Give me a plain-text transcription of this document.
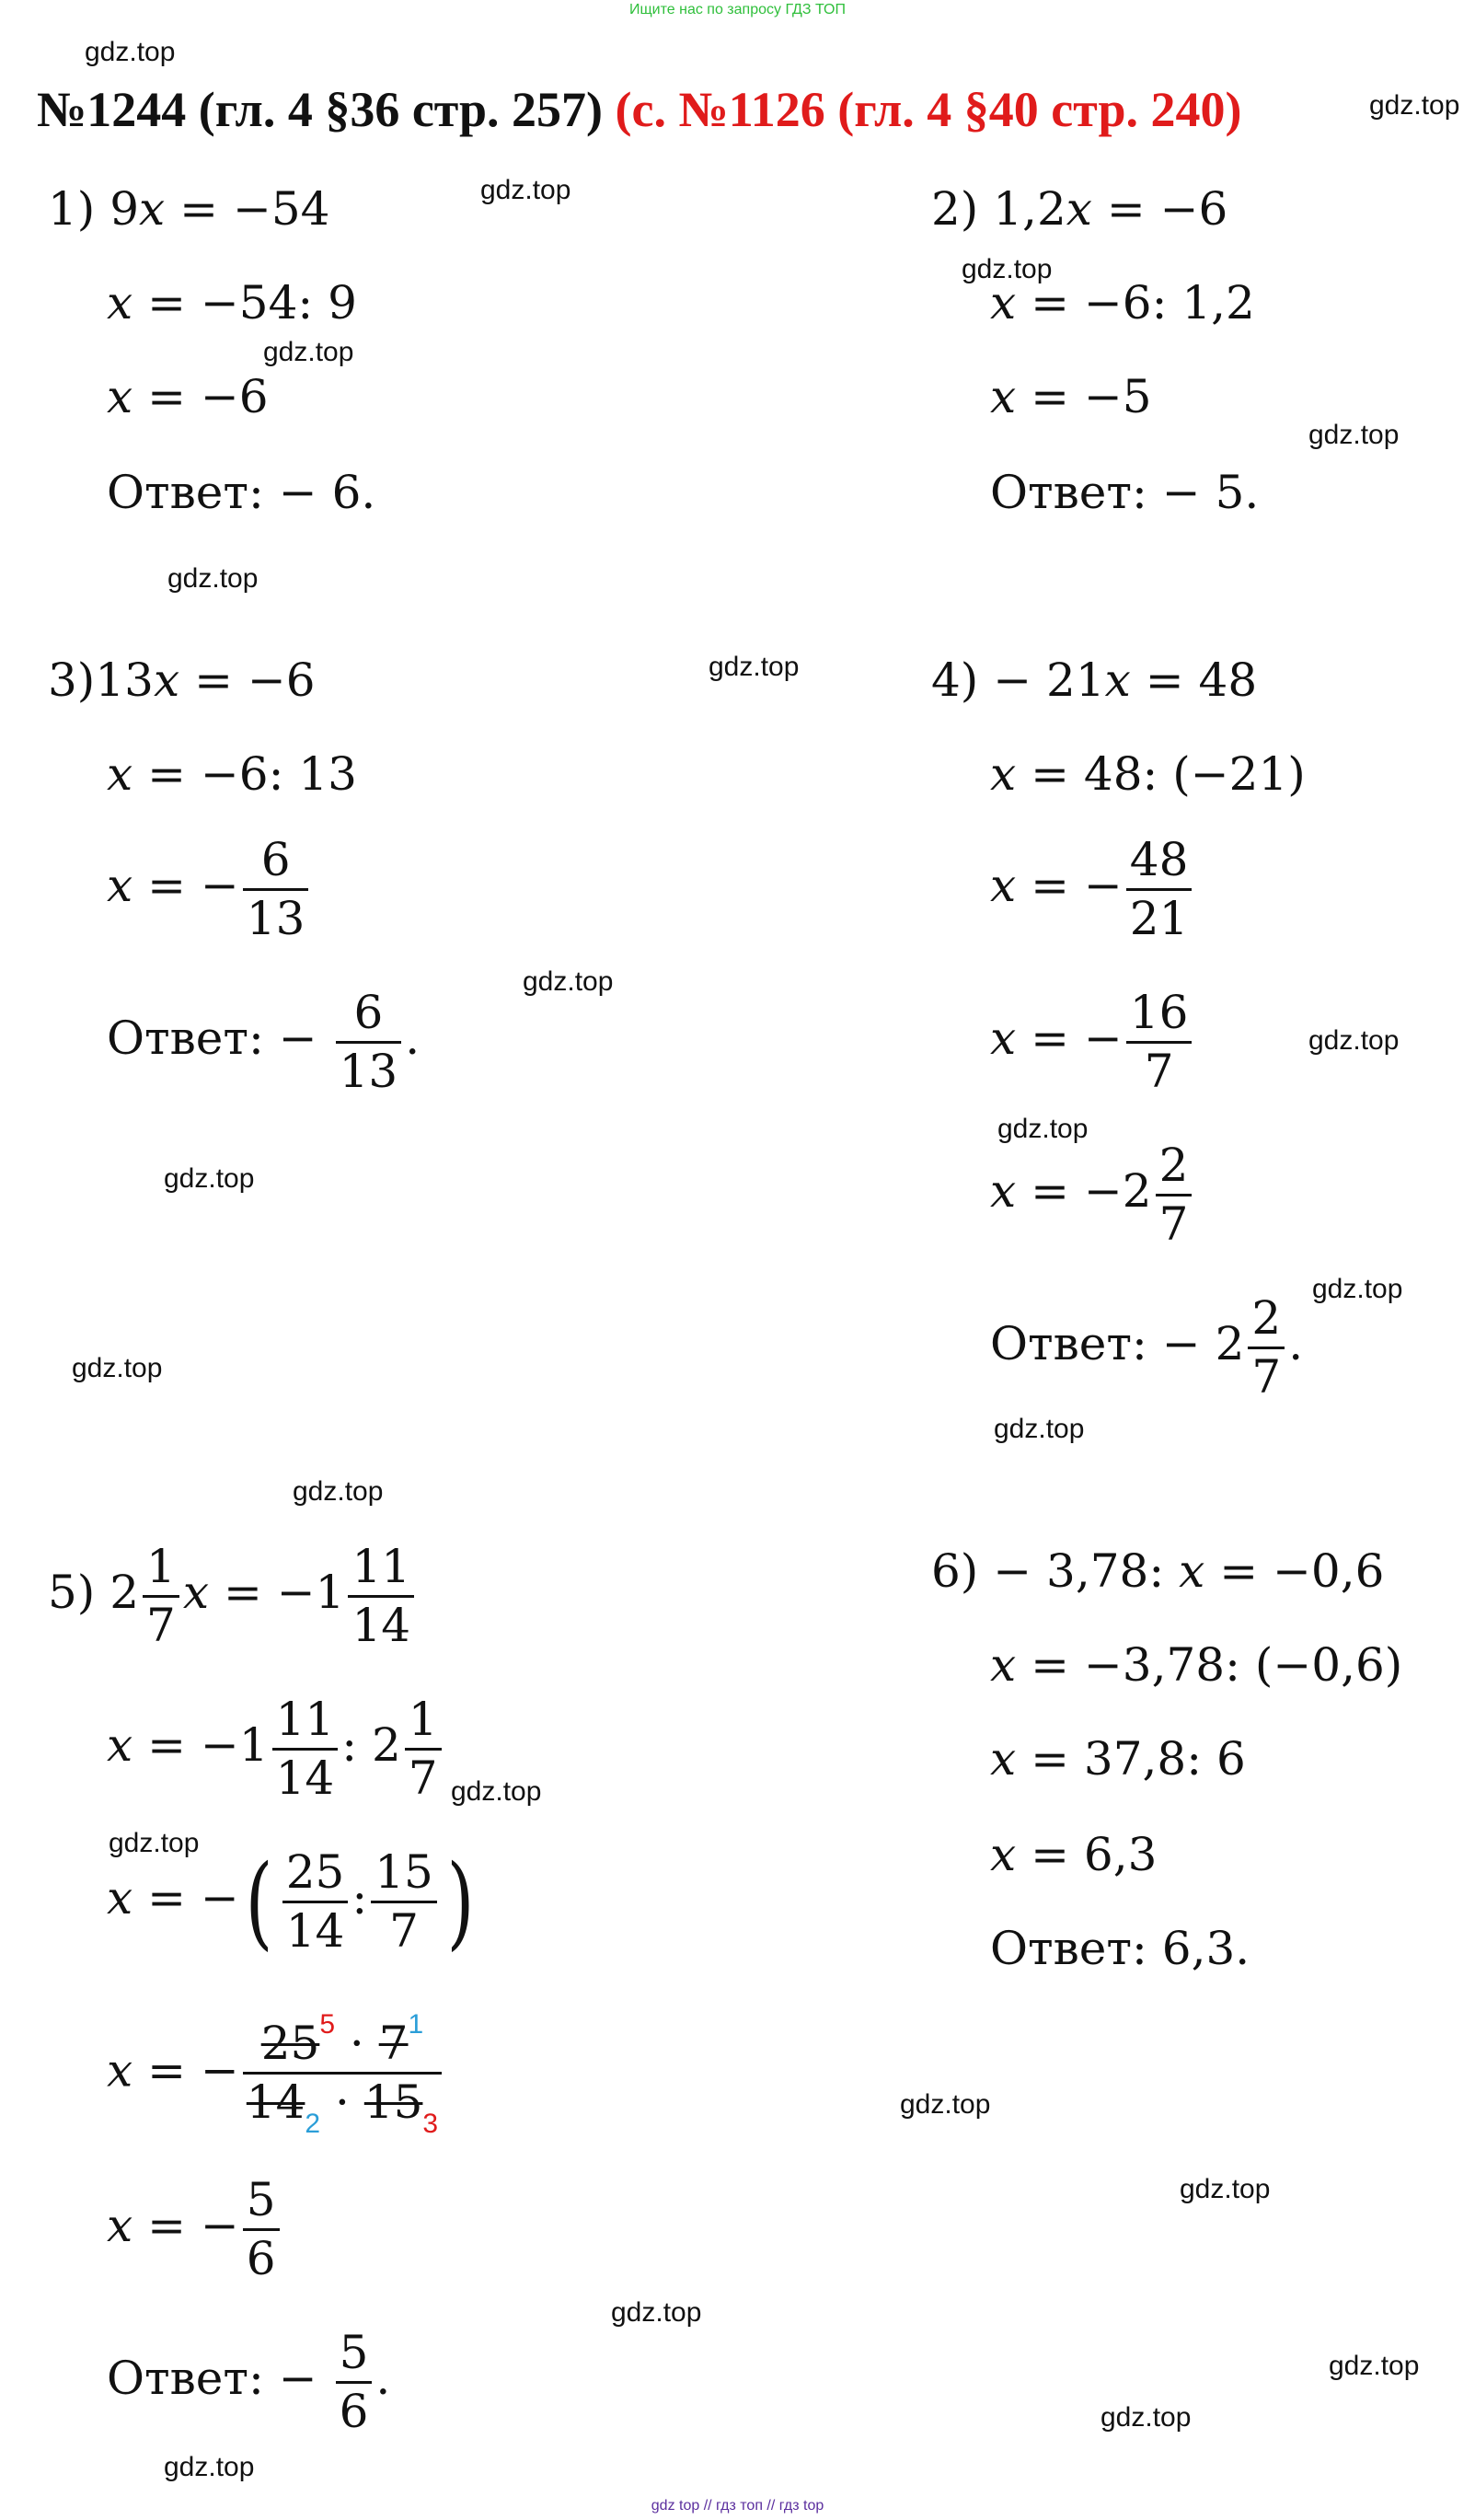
Ищите нас по запросу ГДЗ ТОП
№1244 (гл. 4 §36 стр. 257) (с. №1126 (гл. 4 §40 стр. 240)
gdz.top
gdz.top
gdz.top
gdz.top
gdz.top
gdz.top
gdz.top
gdz.top
gdz.top
gdz.top
gdz.top
gdz.top
gdz.top
gdz.top
gdz.top
gdz.top
gdz.top
gdz.top
gdz.top
gdz.top
gdz.top
gdz.top
gdz.top
gdz.top
1) 9x = −54
x = −54: 9
x = −6
Ответ: − 6.
2) 1,2x = −6
x = −6: 1,2
x = −5
Ответ: − 5.
3)13x = −6
x = −6: 13
x = − $\frac{6}{13}$
Ответ: − $\frac{6}{13}$ .
4) − 21x = 48
x = 48: (−21)
x = − $\frac{48}{21}$
x = − $\frac{16}{7}$
$x = -2 \frac{2}{7}$
Ответ: − $2 \frac{2}{7}$ .
5) $2 \frac{1}{7}$ $x = -1 \frac{11}{14}$
$x = -1 \frac{11}{14}$ : $2 \frac{1}{7}$
x = −( $\frac{25}{14}$ : $\frac{15}{7}$ )
x = − $\frac{25^5 \cdot 7^1}{14_2 \cdot 15_3}$
x = − $\frac{5}{6}$
Ответ: − $\frac{5}{6}$ .
6) − 3,78: x = −0,6
x = −3,78: (−0,6)
x = 37,8: 6
x = 6,3
Ответ: 6,3.
gdz top // гдз топ // гдз top
